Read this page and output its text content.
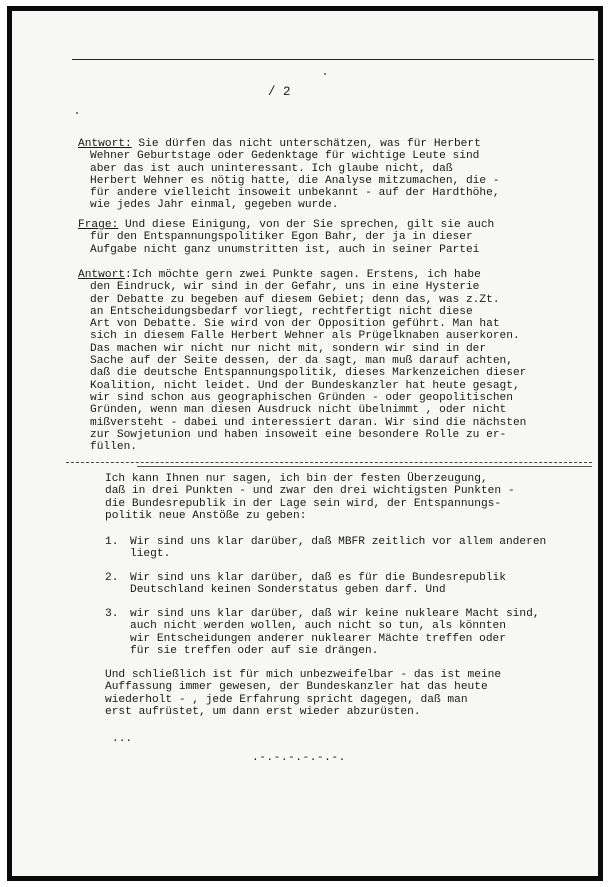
/ 2
Antwort: Sie dürfen das nicht unterschätzen, was für Herbert
Wehner Geburtstage oder Gedenktage für wichtige Leute sind
aber das ist auch uninteressant. Ich glaube nicht, daß
Herbert Wehner es nötig hatte, die Analyse mitzumachen, die -
für andere vielleicht insoweit unbekannt - auf der Hardthöhe,
wie jedes Jahr einmal, gegeben wurde.
Frage: Und diese Einigung, von der Sie sprechen, gilt sie auch
für den Entspannungspolitiker Egon Bahr, der ja in dieser
Aufgabe nicht ganz unumstritten ist, auch in seiner Partei
Antwort:Ich möchte gern zwei Punkte sagen. Erstens, ich habe
den Eindruck, wir sind in der Gefahr, uns in eine Hysterie
der Debatte zu begeben auf diesem Gebiet; denn das, was z.Zt.
an Entscheidungsbedarf vorliegt, rechtfertigt nicht diese
Art von Debatte. Sie wird von der Opposition geführt. Man hat
sich in diesem Falle Herbert Wehner als Prügelknaben auserkoren.
Das machen wir nicht nur nicht mit, sondern wir sind in der
Sache auf der Seite dessen, der da sagt, man muß darauf achten,
daß die deutsche Entspannungspolitik, dieses Markenzeichen dieser
Koalition, nicht leidet. Und der Bundeskanzler hat heute gesagt,
wir sind schon aus geographischen Gründen - oder geopolitischen
Gründen, wenn man diesen Ausdruck nicht übelnimmt , oder nicht
mißversteht - dabei und interessiert daran. Wir sind die nächsten
zur Sowjetunion und haben insoweit eine besondere Rolle zu er-
füllen.
Ich kann Ihnen nur sagen, ich bin der festen Überzeugung,
daß in drei Punkten - und zwar den drei wichtigsten Punkten -
die Bundesrepublik in der Lage sein wird, der Entspannungs-
politik neue Anstöße zu geben:
1. Wir sind uns klar darüber, daß MBFR zeitlich vor allem anderen
liegt.
2. Wir sind uns klar darüber, daß es für die Bundesrepublik
Deutschland keinen Sonderstatus geben darf. Und
3. wir sind uns klar darüber, daß wir keine nukleare Macht sind,
auch nicht werden wollen, auch nicht so tun, als könnten
wir Entscheidungen anderer nuklearer Mächte treffen oder
für sie treffen oder auf sie drängen.
Und schließlich ist für mich unbezweifelbar - das ist meine
Auffassung immer gewesen, der Bundeskanzler hat das heute
wiederholt - , jede Erfahrung spricht dagegen, daß man
erst aufrüstet, um dann erst wieder abzurüsten.
...
.-.-.-.-.-.-.
